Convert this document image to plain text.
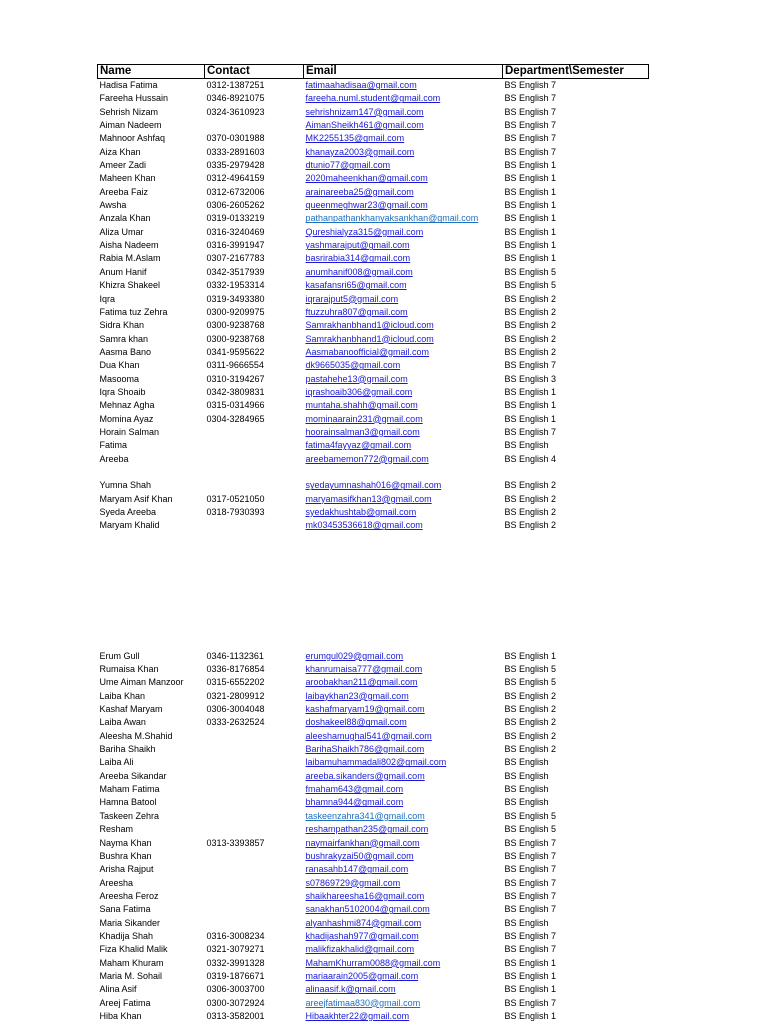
Name	Contact	Email	Department\Semester
Hadisa Fatima	0312-1387251	fatimaahadisaa@gmail.com	BS English 7
Fareeha Hussain	0346-8921075	fareeha.numl.student@gmail.com	BS English 7
Sehrish Nizam	0324-3610923	sehrishnizam147@gmail.com	BS English 7
Aiman Nadeem		AimanSheikh461@gmail.com	BS English 7
Mahnoor Ashfaq	0370-0301988	MK2255135@gmail.com	BS English 7
Aiza Khan	0333-2891603	khanayza2003@gmail.com	BS English 7
Ameer Zadi	0335-2979428	dtunio77@gmail.com	BS English 1
Maheen Khan	0312-4964159	2020maheenkhan@gmail.com	BS English 1
Areeba Faiz	0312-6732006	arainareeba25@gmail.com	BS English 1
Awsha	0306-2605262	queenmeghwar23@gmail.com	BS English 1
Anzala Khan	0319-0133219	pathanpathankhanyaksankhan@gmail.com	BS English 1
Aliza Umar	0316-3240469	Qureshialyza315@gmail.com	BS English 1
Aisha Nadeem	0316-3991947	yashmarajput@gmail.com	BS English 1
Rabia M.Aslam	0307-2167783	basrirabia314@gmail.com	BS English 1
Anum Hanif	0342-3517939	anumhanif008@gmail.com	BS English 5
Khizra Shakeel	0332-1953314	kasafansri65@gmail.com	BS English 5
Iqra	0319-3493380	iqrarajput5@gmail.com	BS English 2
Fatima tuz Zehra	0300-9209975	ftuzzuhra807@gmail.com	BS English 2
Sidra Khan	0300-9238768	Samrakhanbhand1@icloud.com	BS English 2
Samra khan	0300-9238768	Samrakhanbhand1@icloud.com	BS English 2
Aasma Bano	0341-9595622	Aasmabanoofficial@gmail.com	BS English 2
Dua Khan	0311-9666554	dk9665035@gmail.com	BS English 7
Masooma	0310-3194267	pastahehe13@gmail.com	BS English 3
Iqra Shoaib	0342-3809831	iqrashoaib306@gmail.com	BS English 1
Mehnaz Agha	0315-0314966	muntaha.shahh@gmail.com	BS English 1
Momina Ayaz	0304-3284965	mominaarain231@gmail.com	BS English 1
Horain Salman		hoorainsalman3@gmail.com	BS English 7
Fatima		fatima4fayyaz@gmail.com	BS English
Areeba		areebamemon772@gmail.com	BS English 4

Yumna Shah		syedayumnashah016@gmail.com	BS English 2
Maryam Asif Khan	0317-0521050	maryamasifkhan13@gmail.com	BS English 2
Syeda Areeba	0318-7930393	syedakhushtab@gmail.com	BS English 2
Maryam Khalid		mk03453536618@gmail.com	BS English 2

Erum Gull	0346-1132361	erumgul029@gmail.com	BS English 1
Rumaisa Khan	0336-8176854	khanrumaisa777@gmail.com	BS English 5
Ume Aiman Manzoor	0315-6552202	aroobakhan211@gmail.com	BS English 5
Laiba Khan	0321-2809912	laibaykhan23@gmail.com	BS English 2
Kashaf Maryam	0306-3004048	kashafmaryam19@gmail.com	BS English 2
Laiba Awan	0333-2632524	doshakeel88@gmail.com	BS English 2
Aleesha M.Shahid		aleeshamughal541@gmail.com	BS English 2
Bariha Shaikh		BarihaShaikh786@gmail.com	BS English 2
Laiba Ali		laibamuhammadali802@gmail.com	BS English
Areeba Sikandar		areeba.sikanders@gmail.com	BS English
Maham Fatima		fmaham643@gmail.com	BS English
Hamna Batool		bhamna944@gmail.com	BS English
Taskeen Zehra		taskeenzahra341@gmail.com	BS English 5
Resham		reshampathan235@gmail.com	BS English 5
Nayma Khan	0313-3393857	naymairfankhan@gmail.com	BS English 7
Bushra Khan		bushrakyzai50@gmail.com	BS English 7
Arisha Rajput		ranasahb147@gmail.com	BS English 7
Areesha		s07869729@gmail.com	BS English 7
Areesha Feroz		shaikhareesha16@gmail.com	BS English 7
Sana Fatima		sanakhan5102004@gmail.com	BS English 7
Maria Sikander		alyanhashmi874@gmail.com	BS English
Khadija Shah	0316-3008234	khadijashah977@gmail.com	BS English 7
Fiza Khalid Malik	0321-3079271	malikfizakhalid@gmail.com	BS English 7
Maham Khuram	0332-3991328	MahamKhurram0088@gmail.com	BS English 1
Maria M. Sohail	0319-1876671	mariaarain2005@gmail.com	BS English 1
Alina Asif	0306-3003700	alinaasif.k@gmail.com	BS English 1
Areej Fatima	0300-3072924	areejfatimaa830@gmail.com	BS English 7
Hiba Khan	0313-3582001	Hibaakhter22@gmail.com	BS English 1
